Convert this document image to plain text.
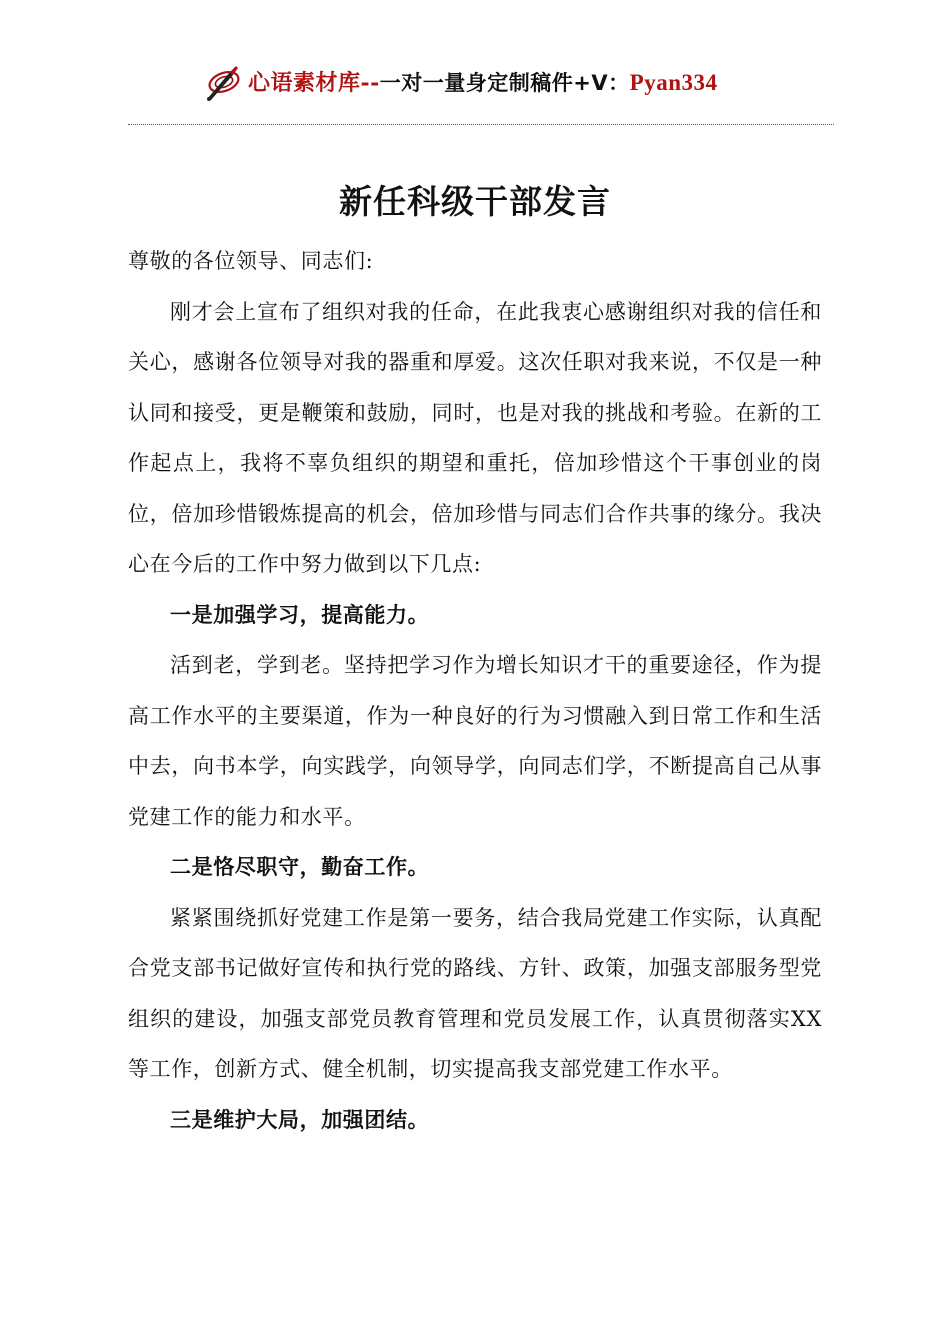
心语素材库--一对一量身定制稿件+V：Pyan334
新任科级干部发言

尊敬的各位领导、同志们:

刚才会上宣布了组织对我的任命，在此我衷心感谢组织对我的信任和关心，感谢各位领导对我的器重和厚爱。这次任职对我来说，不仅是一种认同和接受，更是鞭策和鼓励，同时，也是对我的挑战和考验。在新的工作起点上，我将不辜负组织的期望和重托，倍加珍惜这个干事创业的岗位，倍加珍惜锻炼提高的机会，倍加珍惜与同志们合作共事的缘分。我决心在今后的工作中努力做到以下几点:

一是加强学习，提高能力。

活到老，学到老。坚持把学习作为增长知识才干的重要途径，作为提高工作水平的主要渠道，作为一种良好的行为习惯融入到日常工作和生活中去，向书本学，向实践学，向领导学，向同志们学，不断提高自己从事党建工作的能力和水平。

二是恪尽职守，勤奋工作。

紧紧围绕抓好党建工作是第一要务，结合我局党建工作实际，认真配合党支部书记做好宣传和执行党的路线、方针、政策，加强支部服务型党组织的建设，加强支部党员教育管理和党员发展工作，认真贯彻落实XX等工作，创新方式、健全机制，切实提高我支部党建工作水平。

三是维护大局，加强团结。
